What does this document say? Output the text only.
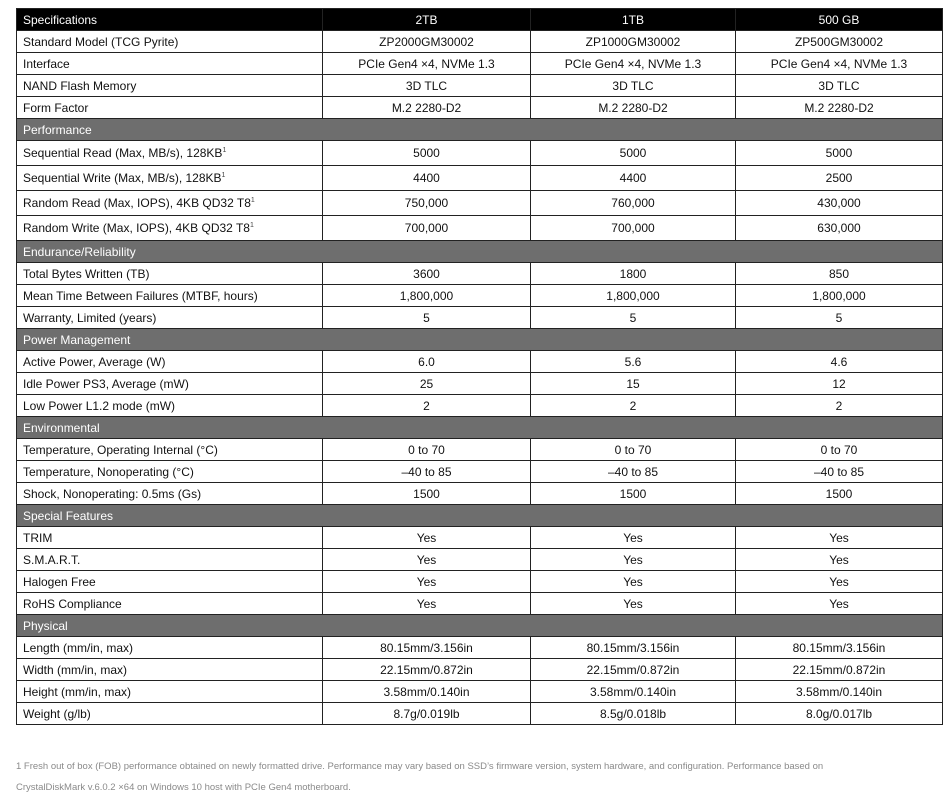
Specifications	2TB	1TB	500 GB
Standard Model (TCG Pyrite)	ZP2000GM30002	ZP1000GM30002	ZP500GM30002
Interface	PCIe Gen4 ×4, NVMe 1.3	PCIe Gen4 ×4, NVMe 1.3	PCIe Gen4 ×4, NVMe 1.3
NAND Flash Memory	3D TLC	3D TLC	3D TLC
Form Factor	M.2 2280-D2	M.2 2280-D2	M.2 2280-D2
Performance			
Sequential Read (Max, MB/s), 128KB$^1$	5000	5000	5000
Sequential Write (Max, MB/s), 128KB$^1$	4400	4400	2500
Random Read (Max, IOPS), 4KB QD32 T8$^1$	750,000	760,000	430,000
Random Write (Max, IOPS), 4KB QD32 T8$^1$	700,000	700,000	630,000
Endurance/Reliability			
Total Bytes Written (TB)	3600	1800	850
Mean Time Between Failures (MTBF, hours)	1,800,000	1,800,000	1,800,000
Warranty, Limited (years)	5	5	5
Power Management			
Active Power, Average (W)	6.0	5.6	4.6
Idle Power PS3, Average (mW)	25	15	12
Low Power L1.2 mode (mW)	2	2	2
Environmental			
Temperature, Operating Internal (°C)	0 to 70	0 to 70	0 to 70
Temperature, Nonoperating (°C)	–40 to 85	–40 to 85	–40 to 85
Shock, Nonoperating: 0.5ms (Gs)	1500	1500	1500
Special Features			
TRIM	Yes	Yes	Yes
S.M.A.R.T.	Yes	Yes	Yes
Halogen Free	Yes	Yes	Yes
RoHS Compliance	Yes	Yes	Yes
Physical			
Length (mm/in, max)	80.15mm/3.156in	80.15mm/3.156in	80.15mm/3.156in
Width (mm/in, max)	22.15mm/0.872in	22.15mm/0.872in	22.15mm/0.872in
Height (mm/in, max)	3.58mm/0.140in	3.58mm/0.140in	3.58mm/0.140in
Weight (g/lb)	8.7g/0.019lb	8.5g/0.018lb	8.0g/0.017lb

1 Fresh out of box (FOB) performance obtained on newly formatted drive. Performance may vary based on SSD’s firmware version, system hardware, and configuration. Performance based on

CrystalDiskMark v.6.0.2 ×64 on Windows 10 host with PCIe Gen4 motherboard.
